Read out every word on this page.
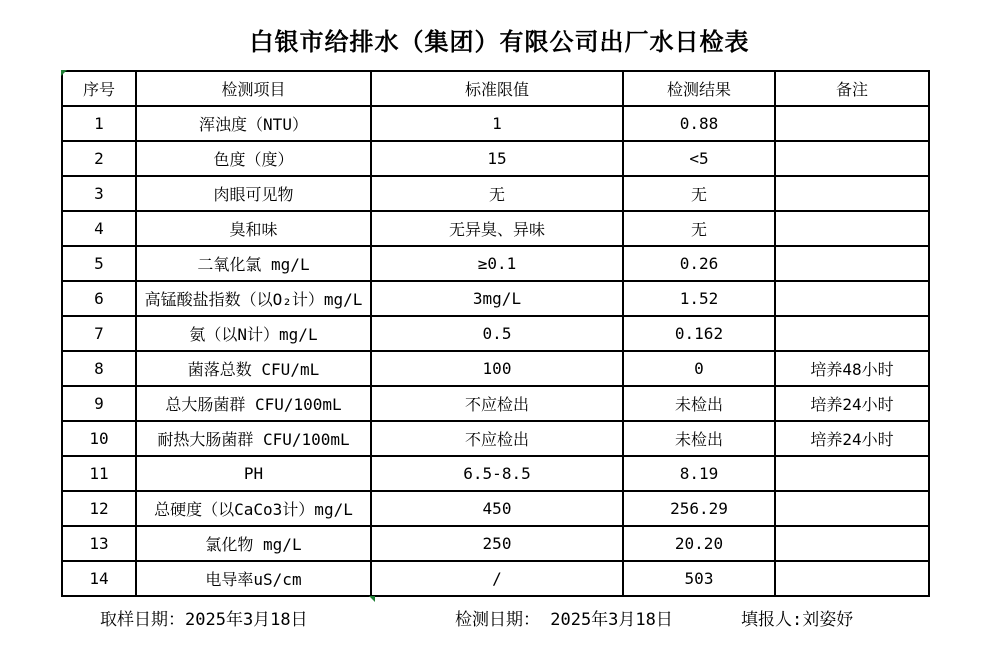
白银市给排水（集团）有限公司出厂水日检表
序号	检测项目	标准限值	检测结果	备注
1	浑浊度（NTU）	1	0.88	
2	色度（度）	15	<5	
3	肉眼可见物	无	无	
4	臭和味	无异臭、异味	无	
5	二氧化氯 mg/L	≥0.1	0.26	
6	高锰酸盐指数（以O₂计）mg/L	3mg/L	1.52	
7	氨（以N计）mg/L	0.5	0.162	
8	菌落总数 CFU/mL	100	0	培养48小时
9	总大肠菌群 CFU/100mL	不应检出	未检出	培养24小时
10	耐热大肠菌群 CFU/100mL	不应检出	未检出	培养24小时
11	PH	6.5-8.5	8.19	
12	总硬度（以CaCo3计）mg/L	450	256.29	
13	氯化物 mg/L	250	20.20	
14	电导率uS/cm	/	503	
取样日期：2025年3月18日	检测日期： 2025年3月18日	填报人:刘姿妤
